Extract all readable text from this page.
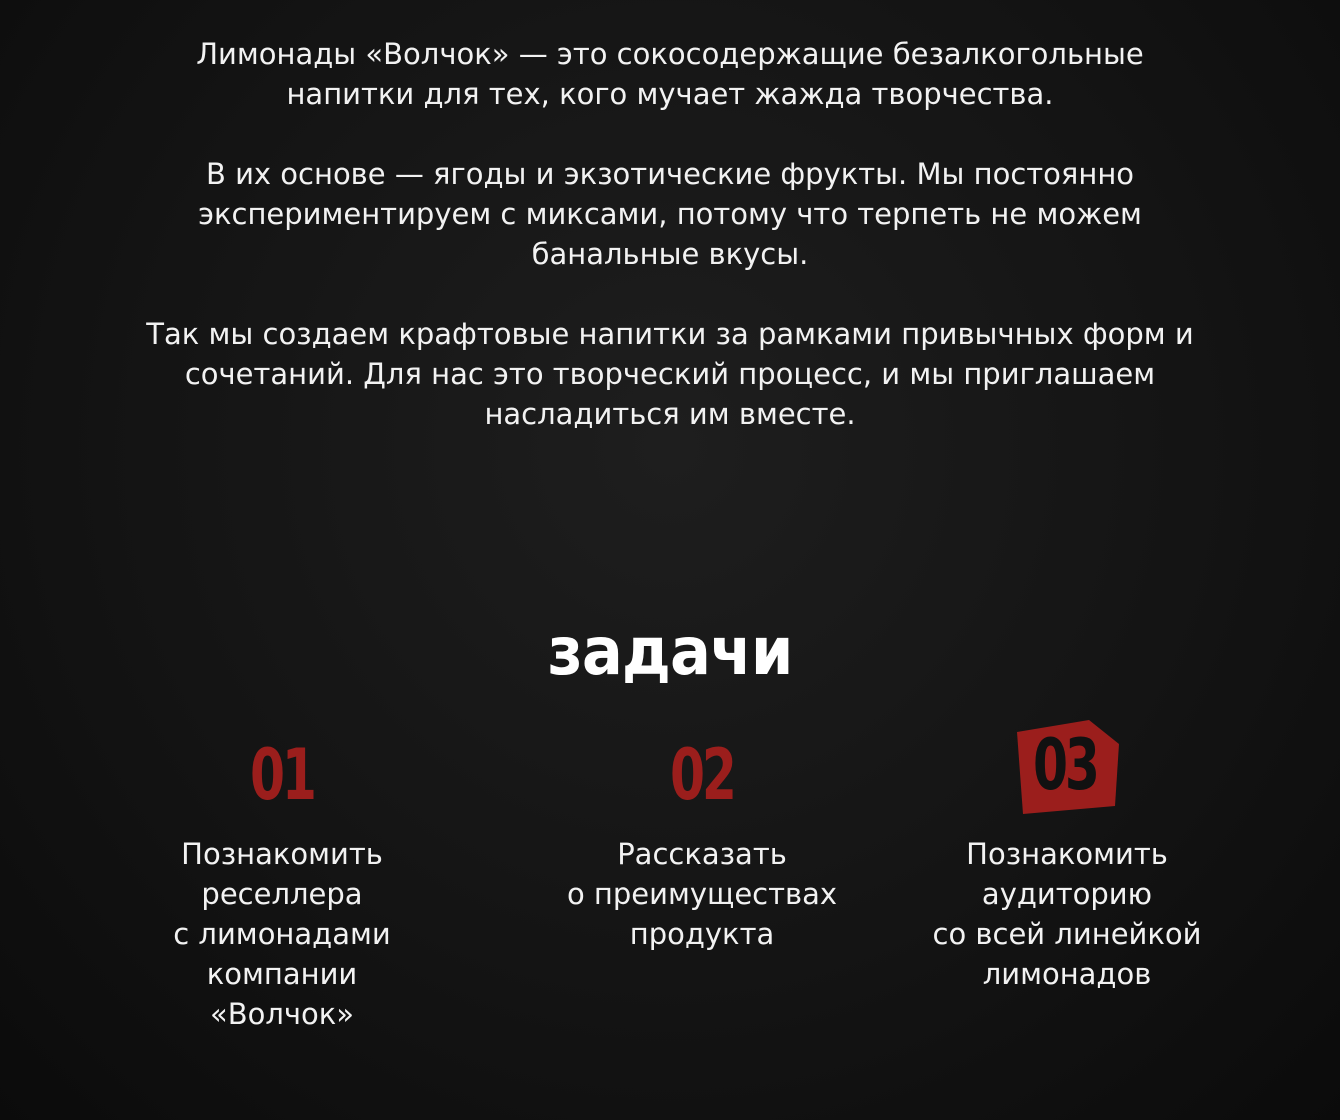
Лимонады «Волчок» — это сокосодержащие безалкогольные напитки для тех, кого мучает жажда творчества.

В их основе — ягоды и экзотические фрукты. Мы постоянно экспериментируем с миксами, потому что терпеть не можем банальные вкусы.

Так мы создаем крафтовые напитки за рамками привычных форм и сочетаний. Для нас это творческий процесс, и мы приглашаем насладиться им вместе.

задачи
01
Познакомить
реселлера
с лимонадами
компании
«Волчок»
02
Рассказать
о преимуществах
продукта
03
Познакомить
аудиторию
со всей линейкой
лимонадов
